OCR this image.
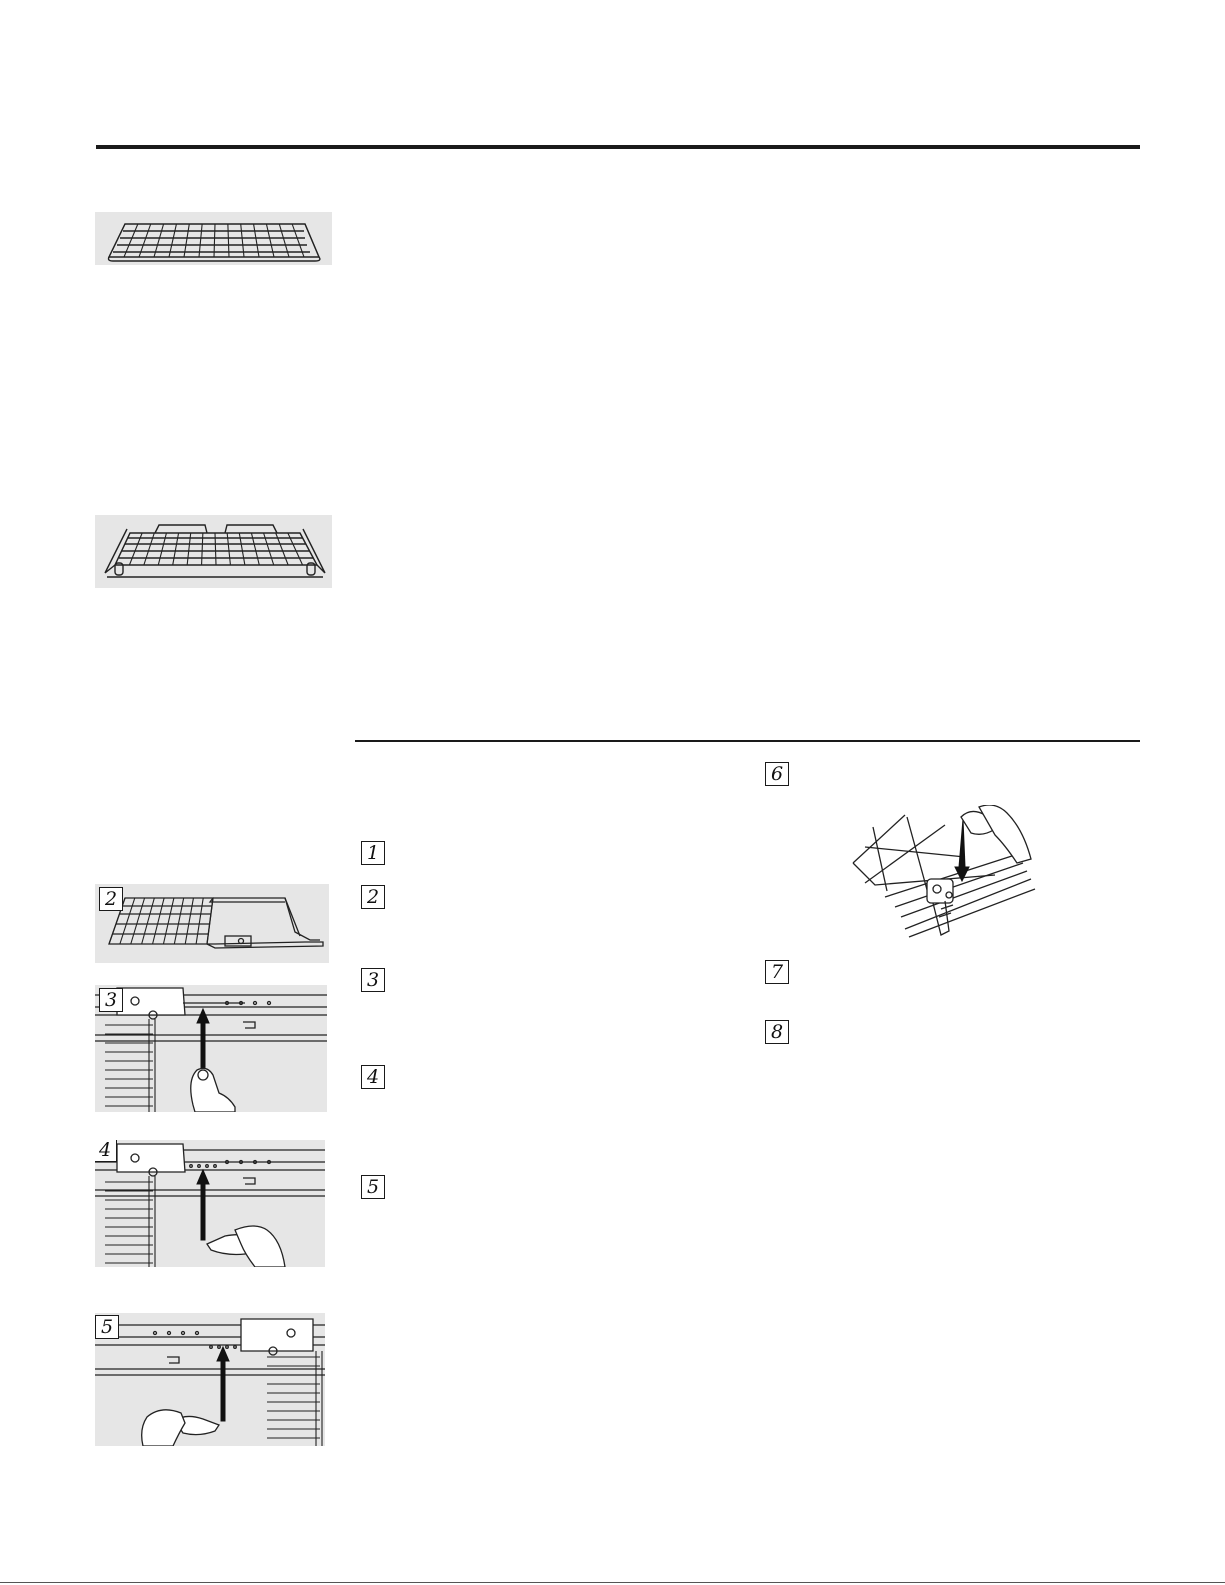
2
3
4
5
1
2
3
4
5
6
7
8
